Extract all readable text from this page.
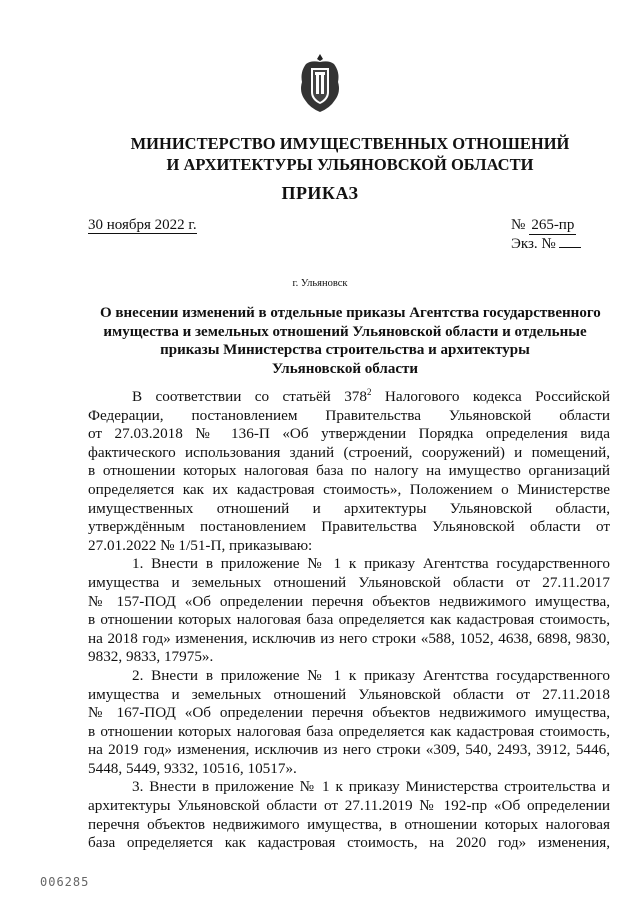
МИНИСТЕРСТВО ИМУЩЕСТВЕННЫХ ОТНОШЕНИЙ
И АРХИТЕКТУРЫ УЛЬЯНОВСКОЙ ОБЛАСТИ
ПРИКАЗ
30 ноября 2022 г.	№ 265-пр
Экз. №
г. Ульяновск
О внесении изменений в отдельные приказы Агентства государственного
имущества и земельных отношений Ульяновской области и отдельные
приказы Министерства строительства и архитектуры
Ульяновской области
В соответствии со статьёй $378^2$ Налогового кодекса Российской
Федерации, постановлением Правительства Ульяновской области
от 27.03.2018 № 136-П «Об утверждении Порядка определения вида
фактического использования зданий (строений, сооружений) и помещений,
в отношении которых налоговая база по налогу на имущество организаций
определяется как их кадастровая стоимость», Положением о Министерстве
имущественных отношений и архитектуры Ульяновской области,
утверждённым постановлением Правительства Ульяновской области от
27.01.2022 № 1/51-П, приказываю:
1. Внести в приложение № 1 к приказу Агентства государственного
имущества и земельных отношений Ульяновской области от 27.11.2017
№ 157-ПОД «Об определении перечня объектов недвижимого имущества,
в отношении которых налоговая база определяется как кадастровая стоимость,
на 2018 год» изменения, исключив из него строки «588, 1052, 4638, 6898, 9830,
9832, 9833, 17975».
2. Внести в приложение № 1 к приказу Агентства государственного
имущества и земельных отношений Ульяновской области от 27.11.2018
№ 167-ПОД «Об определении перечня объектов недвижимого имущества,
в отношении которых налоговая база определяется как кадастровая стоимость,
на 2019 год» изменения, исключив из него строки «309, 540, 2493, 3912, 5446,
5448, 5449, 9332, 10516, 10517».
3. Внести в приложение № 1 к приказу Министерства строительства и
архитектуры Ульяновской области от 27.11.2019 № 192-пр «Об определении
перечня объектов недвижимого имущества, в отношении которых налоговая
база определяется как кадастровая стоимость, на 2020 год» изменения,
006285
